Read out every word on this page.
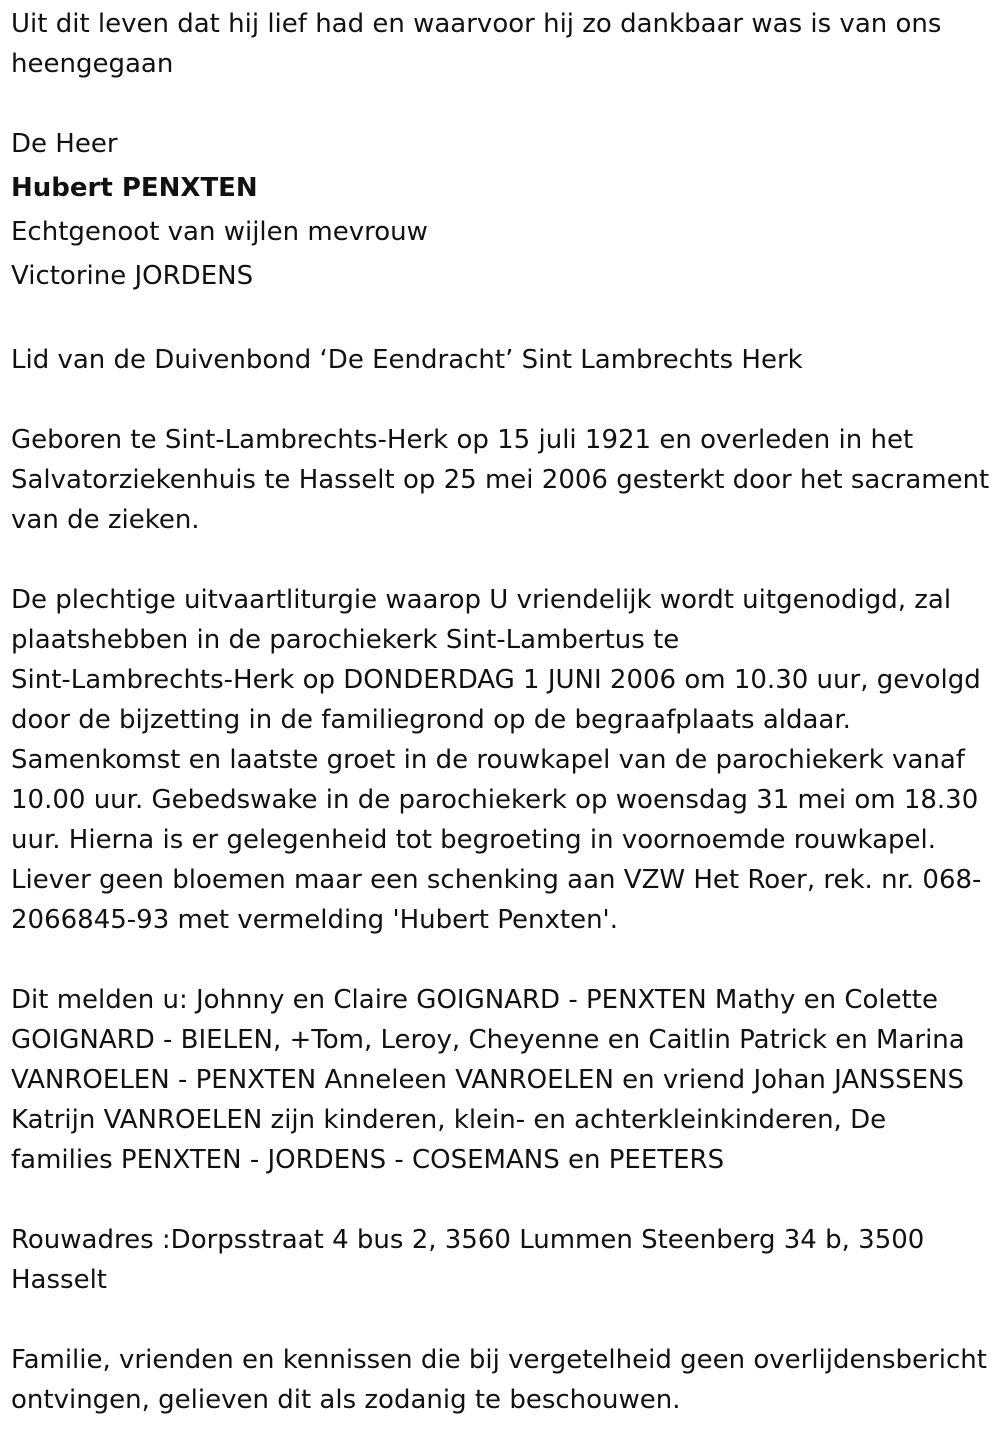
Uit dit leven dat hij lief had en waarvoor hij zo dankbaar was is van ons heengegaan

De Heer

Hubert PENXTEN

Echtgenoot van wijlen mevrouw

Victorine JORDENS

Lid van de Duivenbond ‘De Eendracht’ Sint Lambrechts Herk

Geboren te Sint-Lambrechts-Herk op 15 juli 1921 en overleden in het Salvatorziekenhuis te Hasselt op 25 mei 2006 gesterkt door het sacrament van de zieken.

De plechtige uitvaartliturgie waarop U vriendelijk wordt uitgenodigd, zal

plaatshebben in de parochiekerk Sint-Lambertus te

Sint-Lambrechts-Herk op DONDERDAG 1 JUNI 2006 om 10.30 uur, gevolgd door de bijzetting in de familiegrond op de begraafplaats aldaar. Samenkomst en laatste groet in de rouwkapel van de parochiekerk vanaf 10.00 uur. Gebedswake in de parochiekerk op woensdag 31 mei om 18.30 uur. Hierna is er gelegenheid tot begroeting in voornoemde rouwkapel. Liever geen bloemen maar een schenking aan VZW Het Roer, rek. nr. 068-2066845-93 met vermelding 'Hubert Penxten'.

Dit melden u: Johnny en Claire GOIGNARD - PENXTEN Mathy en Colette GOIGNARD - BIELEN, +Tom, Leroy, Cheyenne en Caitlin Patrick en Marina VANROELEN - PENXTEN Anneleen VANROELEN en vriend Johan JANSSENS Katrijn VANROELEN zijn kinderen, klein- en achterkleinkinderen, De families PENXTEN - JORDENS - COSEMANS en PEETERS

Rouwadres :Dorpsstraat 4 bus 2, 3560 Lummen Steenberg 34 b, 3500 Hasselt

Familie, vrienden en kennissen die bij vergetelheid geen overlijdensbericht ontvingen, gelieven dit als zodanig te beschouwen.
